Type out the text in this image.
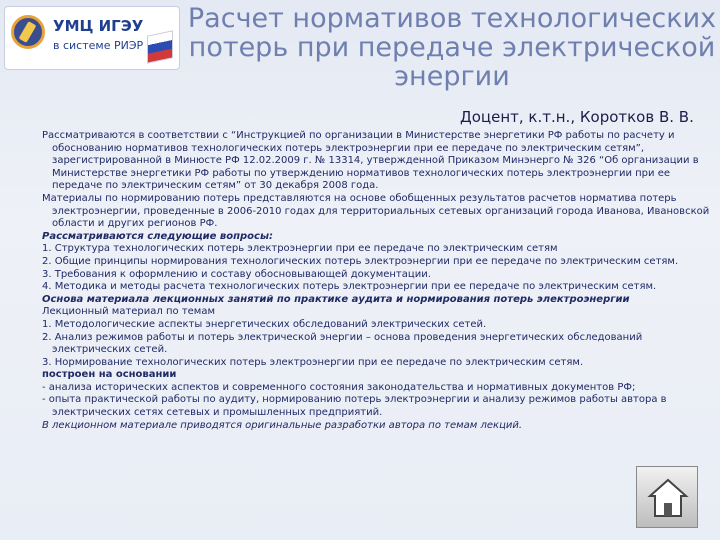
УМЦ ИГЭУ
в системе РИЭР
Расчет нормативов технологических
потерь при передаче электрической
энергии
Доцент, к.т.н., Коротков В. В.

Рассматриваются в соответствии с “Инструкцией по организации в Министерстве энергетики РФ работы по расчету и обоснованию нормативов технологических потерь электроэнергии при ее передаче по электрическим сетям”, зарегистрированной в Минюсте РФ 12.02.2009 г. № 13314, утвержденной Приказом Минэнерго № 326 “Об организации в Министерстве энергетики РФ работы по утверждению нормативов технологических потерь электроэнергии при ее передаче по электрическим сетям” от 30 декабря 2008 года.

Материалы по нормированию потерь представляются на основе обобщенных результатов расчетов норматива потерь электроэнергии, проведенные в 2006-2010 годах для территориальных сетевых организаций города Иванова, Ивановской области и других регионов РФ.

Рассматриваются следующие вопросы:

1. Структура технологических потерь электроэнергии при ее передаче по электрическим сетям

2. Общие принципы нормирования технологических потерь электроэнергии при ее передаче по электрическим сетям.

3. Требования к оформлению и составу обосновывающей документации.

4. Методика и методы расчета технологических потерь электроэнергии при ее передаче по электрическим сетям.

Основа материала лекционных занятий по практике аудита и нормирования потерь электроэнергии

Лекционный материал по темам

1. Методологические аспекты энергетических обследований электрических сетей.

2. Анализ режимов работы и потерь электрической энергии – основа проведения энергетических обследований электрических сетей.

3. Нормирование технологических потерь электроэнергии при ее передаче по электрическим сетям.

построен на основании

- анализа исторических аспектов и современного состояния законодательства и нормативных документов РФ;

- опыта практической работы по аудиту, нормированию потерь электроэнергии и анализу режимов работы автора в электрических сетях сетевых и промышленных предприятий.

В лекционном материале приводятся оригинальные разработки автора по темам лекций.
